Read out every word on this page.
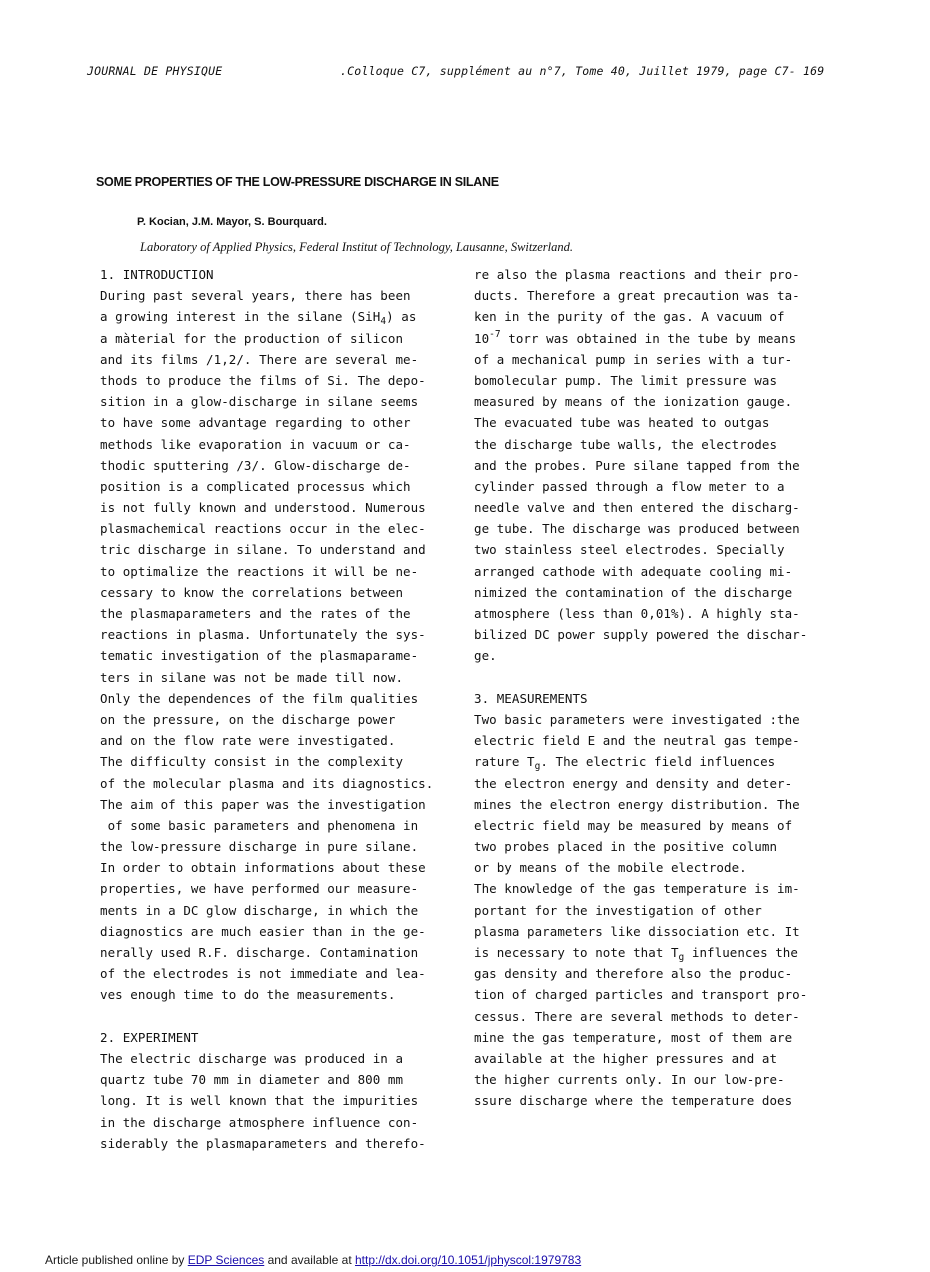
JOURNAL DE PHYSIQUE	.Colloque C7, supplément au n°7, Tome 40, Juillet 1979, page C7- 169
SOME PROPERTIES OF THE LOW-PRESSURE DISCHARGE IN SILANE
P. Kocian, J.M. Mayor, S. Bourquard.
Laboratory of Applied Physics, Federal Institut of Technology, Lausanne, Switzerland.
1. INTRODUCTION
During past several years, there has been
a growing interest in the silane (SiH$_4$) as
a màterial for the production of silicon
and its films /1,2/. There are several me-
thods to produce the films of Si. The depo-
sition in a glow-discharge in silane seems
to have some advantage regarding to other
methods like evaporation in vacuum or ca-
thodic sputtering /3/. Glow-discharge de-
position is a complicated processus which
is not fully known and understood. Numerous
plasmachemical reactions occur in the elec-
tric discharge in silane. To understand and
to optimalize the reactions it will be ne-
cessary to know the correlations between
the plasmaparameters and the rates of the
reactions in plasma. Unfortunately the sys-
tematic investigation of the plasmaparame-
ters in silane was not be made till now.
Only the dependences of the film qualities
on the pressure, on the discharge power
and on the flow rate were investigated.
The difficulty consist in the complexity
of the molecular plasma and its diagnostics.
The aim of this paper was the investigation
of some basic parameters and phenomena in
the low-pressure discharge in pure silane.
In order to obtain informations about these
properties, we have performed our measure-
ments in a DC glow discharge, in which the
diagnostics are much easier than in the ge-
nerally used R.F. discharge. Contamination
of the electrodes is not immediate and lea-
ves enough time to do the measurements.
2. EXPERIMENT
The electric discharge was produced in a
quartz tube 70 mm in diameter and 800 mm
long. It is well known that the impurities
in the discharge atmosphere influence con-
siderably the plasmaparameters and therefo-
re also the plasma reactions and their pro-
ducts. Therefore a great precaution was ta-
ken in the purity of the gas. A vacuum of
$10^{-7}$ torr was obtained in the tube by means
of a mechanical pump in series with a tur-
bomolecular pump. The limit pressure was
measured by means of the ionization gauge.
The evacuated tube was heated to outgas
the discharge tube walls, the electrodes
and the probes. Pure silane tapped from the
cylinder passed through a flow meter to a
needle valve and then entered the discharg-
ge tube. The discharge was produced between
two stainless steel electrodes. Specially
arranged cathode with adequate cooling mi-
nimized the contamination of the discharge
atmosphere (less than 0,01%). A highly sta-
bilized DC power supply powered the dischar-
ge.
3. MEASUREMENTS
Two basic parameters were investigated :the
electric field E and the neutral gas tempe-
rature $T_g$. The electric field influences
the electron energy and density and deter-
mines the electron energy distribution. The
electric field may be measured by means of
two probes placed in the positive column
or by means of the mobile electrode.
The knowledge of the gas temperature is im-
portant for the investigation of other
plasma parameters like dissociation etc. It
is necessary to note that $T_g$ influences the
gas density and therefore also the produc-
tion of charged particles and transport pro-
cessus. There are several methods to deter-
mine the gas temperature, most of them are
available at the higher pressures and at
the higher currents only. In our low-pre-
ssure discharge where the temperature does
Article published online by EDP Sciences and available at http://dx.doi.org/10.1051/jphyscol:1979783
